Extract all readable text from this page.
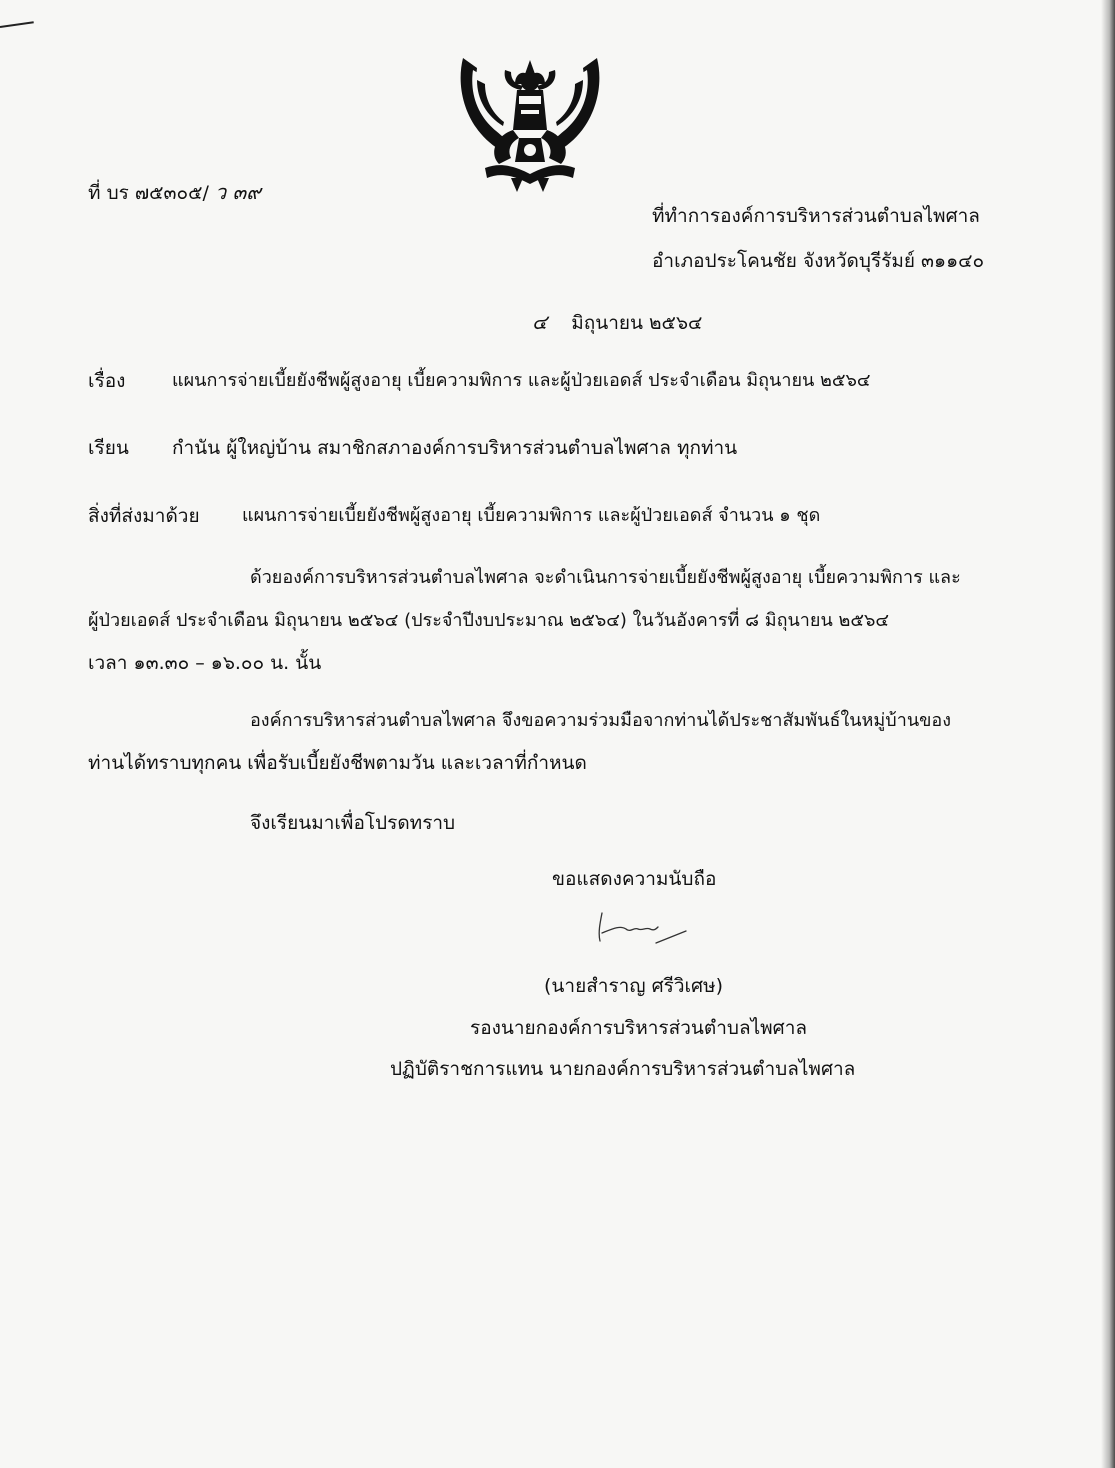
ที่ บร ๗๕๓๐๕/ ว ๓๙
ที่ทำการองค์การบริหารส่วนตำบลไพศาล
อำเภอประโคนชัย จังหวัดบุรีรัมย์ ๓๑๑๔๐
๔ มิถุนายน ๒๕๖๔
เรื่อง	แผนการจ่ายเบี้ยยังชีพผู้สูงอายุ เบี้ยความพิการ และผู้ป่วยเอดส์ ประจำเดือน มิถุนายน ๒๕๖๔
เรียน กำนัน ผู้ใหญ่บ้าน สมาชิกสภาองค์การบริหารส่วนตำบลไพศาล ทุกท่าน
สิ่งที่ส่งมาด้วย แผนการจ่ายเบี้ยยังชีพผู้สูงอายุ เบี้ยความพิการ และผู้ป่วยเอดส์ จำนวน ๑ ชุด
ด้วยองค์การบริหารส่วนตำบลไพศาล จะดำเนินการจ่ายเบี้ยยังชีพผู้สูงอายุ เบี้ยความพิการ และ
ผู้ป่วยเอดส์ ประจำเดือน มิถุนายน ๒๕๖๔ (ประจำปีงบประมาณ ๒๕๖๔) ในวันอังคารที่ ๘ มิถุนายน ๒๕๖๔
เวลา ๑๓.๓๐ – ๑๖.๐๐ น. นั้น
องค์การบริหารส่วนตำบลไพศาล จึงขอความร่วมมือจากท่านได้ประชาสัมพันธ์ในหมู่บ้านของ
ท่านได้ทราบทุกคน เพื่อรับเบี้ยยังชีพตามวัน และเวลาที่กำหนด
จึงเรียนมาเพื่อโปรดทราบ
ขอแสดงความนับถือ
(นายสำราญ ศรีวิเศษ)
รองนายกองค์การบริหารส่วนตำบลไพศาล
ปฏิบัติราชการแทน นายกองค์การบริหารส่วนตำบลไพศาล
